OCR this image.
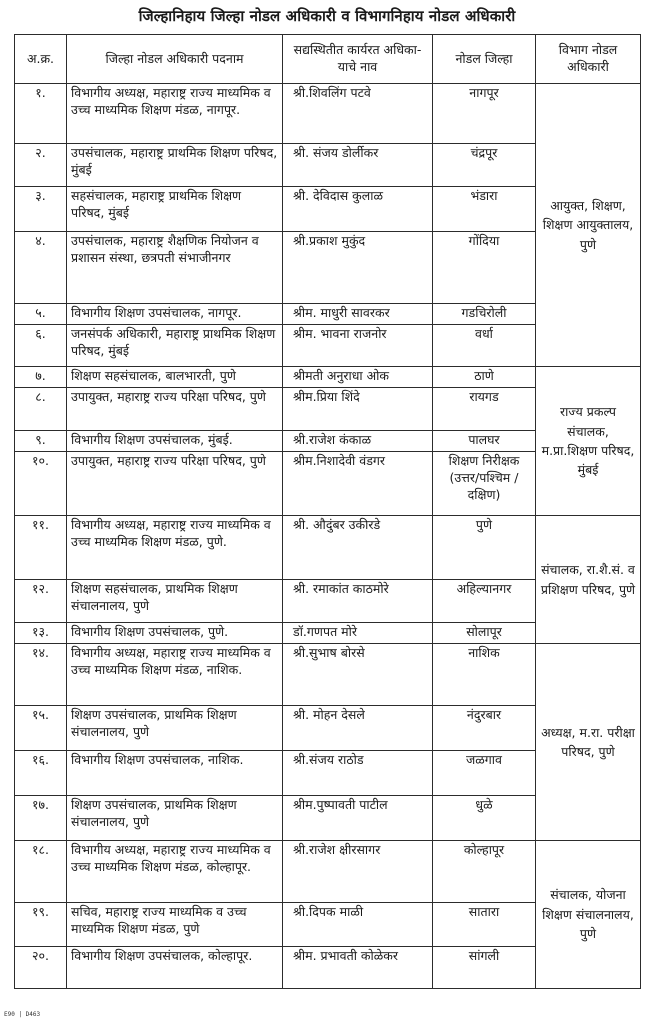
जिल्हानिहाय जिल्हा नोडल अधिकारी व विभागनिहाय नोडल अधिकारी
अ.क्र.	जिल्हा नोडल अधिकारी पदनाम	सद्यस्थितीत कार्यरत अधिका-याचे नाव	नोडल जिल्हा	विभाग नोडल अधिकारी
१.	विभागीय अध्यक्ष, महाराष्ट्र राज्य माध्यमिक व उच्च माध्यमिक शिक्षण मंडळ, नागपूर.	श्री.शिवलिंग पटवे	नागपूर	आयुक्त, शिक्षण, शिक्षण आयुक्तालय, पुणे
२.	उपसंचालक, महाराष्ट्र प्राथमिक शिक्षण परिषद, मुंबई	श्री. संजय डोर्लीकर	चंद्रपूर	
३.	सहसंचालक, महाराष्ट्र प्राथमिक शिक्षण परिषद, मुंबई	श्री. देविदास कुलाळ	भंडारा	
४.	उपसंचालक, महाराष्ट्र शैक्षणिक नियोजन व प्रशासन संस्था, छत्रपती संभाजीनगर	श्री.प्रकाश मुकुंद	गोंदिया	
५.	विभागीय शिक्षण उपसंचालक, नागपूर.	श्रीम. माधुरी सावरकर	गडचिरोली	
६.	जनसंपर्क अधिकारी, महाराष्ट्र प्राथमिक शिक्षण परिषद, मुंबई	श्रीम. भावना राजनोर	वर्धा	
७.	शिक्षण सहसंचालक, बालभारती, पुणे	श्रीमती अनुराधा ओक	ठाणे	राज्य प्रकल्प संचालक, म.प्रा.शिक्षण परिषद, मुंबई
८.	उपायुक्त, महाराष्ट्र राज्य परिक्षा परिषद, पुणे	श्रीम.प्रिया शिंदे	रायगड	
९.	विभागीय शिक्षण उपसंचालक, मुंबई.	श्री.राजेश कंकाळ	पालघर	
१०.	उपायुक्त, महाराष्ट्र राज्य परिक्षा परिषद, पुणे	श्रीम.निशादेवी वंडगर	शिक्षण निरीक्षक (उत्तर/पश्चिम / दक्षिण)	
११.	विभागीय अध्यक्ष, महाराष्ट्र राज्य माध्यमिक व उच्च माध्यमिक शिक्षण मंडळ, पुणे.	श्री. औदुंबर उकीरडे	पुणे	संचालक, रा.शै.सं. व प्रशिक्षण परिषद, पुणे
१२.	शिक्षण सहसंचालक, प्राथमिक शिक्षण संचालनालय, पुणे	श्री. रमाकांत काठमोरे	अहिल्यानगर	
१३.	विभागीय शिक्षण उपसंचालक, पुणे.	डॉ.गणपत मोरे	सोलापूर	
१४.	विभागीय अध्यक्ष, महाराष्ट्र राज्य माध्यमिक व उच्च माध्यमिक शिक्षण मंडळ, नाशिक.	श्री.सुभाष बोरसे	नाशिक	अध्यक्ष, म.रा. परीक्षा परिषद, पुणे
१५.	शिक्षण उपसंचालक, प्राथमिक शिक्षण संचालनालय, पुणे	श्री. मोहन देसले	नंदुरबार	
१६.	विभागीय शिक्षण उपसंचालक, नाशिक.	श्री.संजय राठोड	जळगाव	
१७.	शिक्षण उपसंचालक, प्राथमिक शिक्षण संचालनालय, पुणे	श्रीम.पुष्पावती पाटील	धुळे	
१८.	विभागीय अध्यक्ष, महाराष्ट्र राज्य माध्यमिक व उच्च माध्यमिक शिक्षण मंडळ, कोल्हापूर.	श्री.राजेश क्षीरसागर	कोल्हापूर	संचालक, योजना शिक्षण संचालनालय, पुणे
१९.	सचिव, महाराष्ट्र राज्य माध्यमिक व उच्च माध्यमिक शिक्षण मंडळ, पुणे	श्री.दिपक माळी	सातारा	
२०.	विभागीय शिक्षण उपसंचालक, कोल्हापूर.	श्रीम. प्रभावती कोळेकर	सांगली	
E90 | D463
